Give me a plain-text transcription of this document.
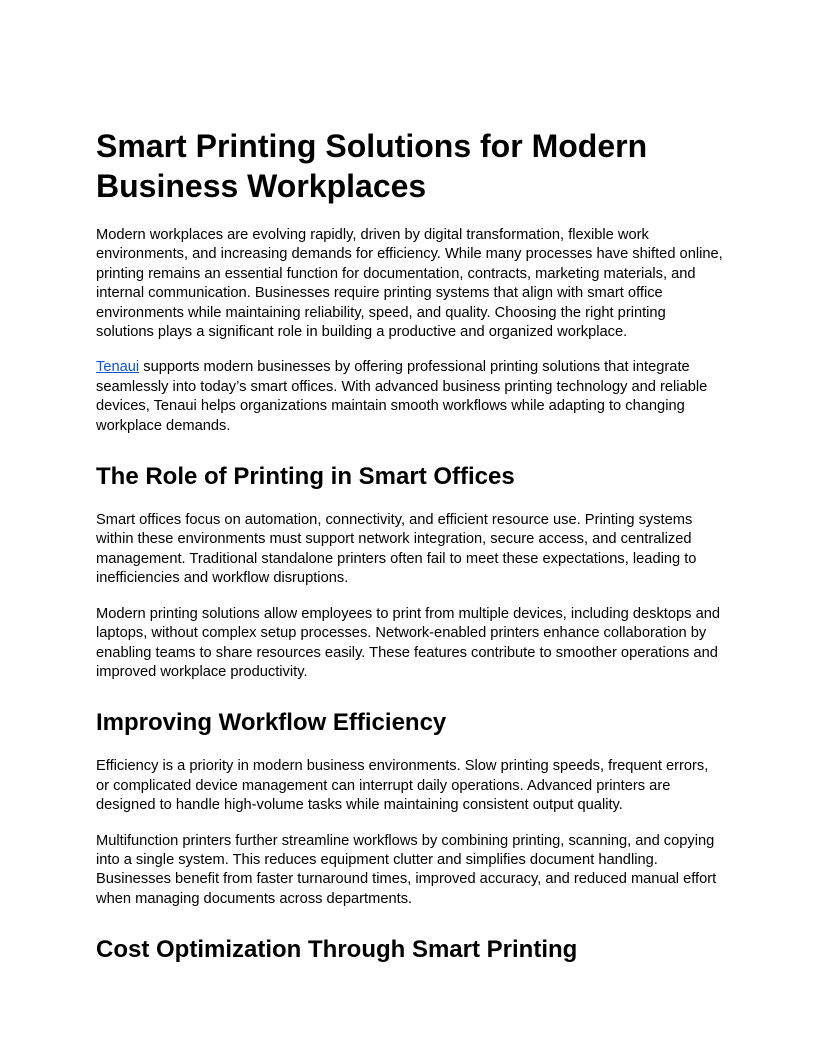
Smart Printing Solutions for Modern Business Workplaces

Modern workplaces are evolving rapidly, driven by digital transformation, flexible work environments, and increasing demands for efficiency. While many processes have shifted online, printing remains an essential function for documentation, contracts, marketing materials, and internal communication. Businesses require printing systems that align with smart office environments while maintaining reliability, speed, and quality. Choosing the right printing solutions plays a significant role in building a productive and organized workplace.

Tenaui supports modern businesses by offering professional printing solutions that integrate seamlessly into today’s smart offices. With advanced business printing technology and reliable devices, Tenaui helps organizations maintain smooth workflows while adapting to changing workplace demands.

The Role of Printing in Smart Offices

Smart offices focus on automation, connectivity, and efficient resource use. Printing systems within these environments must support network integration, secure access, and centralized management. Traditional standalone printers often fail to meet these expectations, leading to inefficiencies and workflow disruptions.

Modern printing solutions allow employees to print from multiple devices, including desktops and laptops, without complex setup processes. Network-enabled printers enhance collaboration by enabling teams to share resources easily. These features contribute to smoother operations and improved workplace productivity.

Improving Workflow Efficiency

Efficiency is a priority in modern business environments. Slow printing speeds, frequent errors, or complicated device management can interrupt daily operations. Advanced printers are designed to handle high-volume tasks while maintaining consistent output quality.

Multifunction printers further streamline workflows by combining printing, scanning, and copying into a single system. This reduces equipment clutter and simplifies document handling. Businesses benefit from faster turnaround times, improved accuracy, and reduced manual effort when managing documents across departments.

Cost Optimization Through Smart Printing
